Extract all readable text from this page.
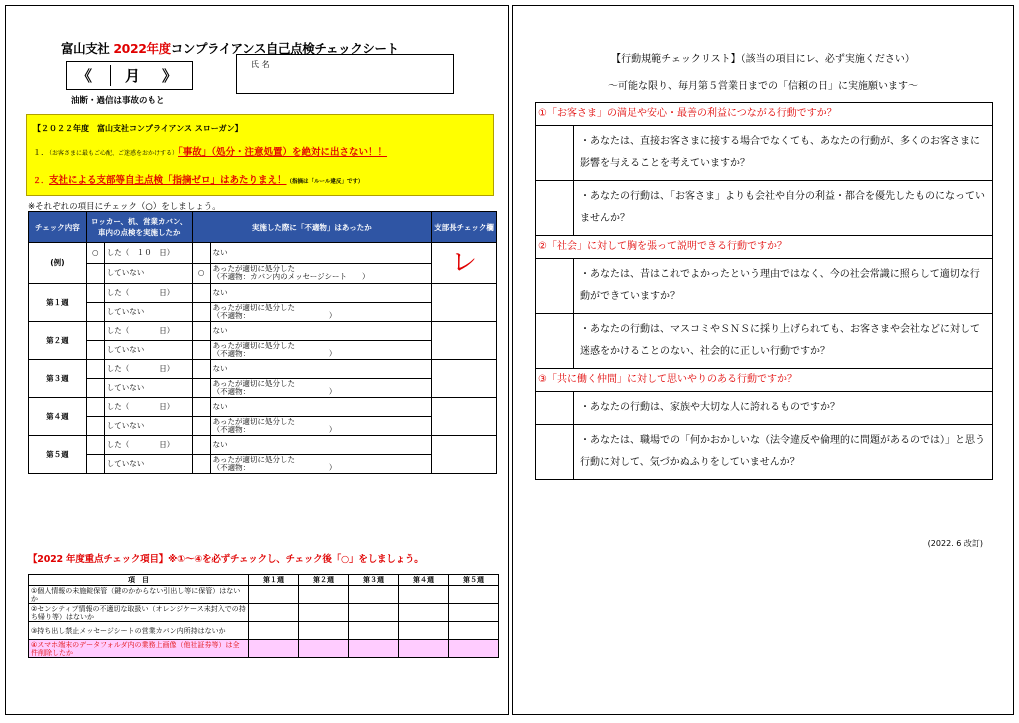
富山支社 2022年度コンプライアンス自己点検チェックシート
《 月 》
氏 名
油断・過信は事故のもと
【２０２２年度　富山支社コンプライアンス スローガン】
１．（お客さまに最もご心配、ご迷惑をおかけする）「事故」（処分・注意処置）を絶対に出さない！！
２．支社による支部等自主点検「指摘ゼロ」はあたりまえ！（指摘は「ルール違反」です）
※それぞれの項目にチェック（○）をしましょう。
チェック内容	ロッカー、机、営業カバン、車内の点検を実施したか		実施した際に「不適物」はあったか		支部長チェック欄
(例)	○	した（　１０　日）		ない	レ
		していない	○	あったが適切に処分した
（不適物：カバン内のメッセージシート　　）	
第１週		した（　　　　日）		ない	
		していない		あったが適切に処分した
（不適物：　　　　　　　　　　　）	
第２週		した（　　　　日）		ない	
		していない		あったが適切に処分した
（不適物：　　　　　　　　　　　）	
第３週		した（　　　　日）		ない	
		していない		あったが適切に処分した
（不適物：　　　　　　　　　　　）	
第４週		した（　　　　日）		ない	
		していない		あったが適切に処分した
（不適物：　　　　　　　　　　　）	
第５週		した（　　　　日）		ない	
		していない		あったが適切に処分した
（不適物：　　　　　　　　　　　）	
【2022 年度重点チェック項目】※①～④を必ずチェックし、チェック後「○」をしましょう。
項　目	第１週	第２週	第３週	第４週	第５週
①個人情報の未施錠保管（鍵のかからない引出し等に保管）はないか					
②センシティブ情報の不適切な取扱い（オレンジケース未封入での持ち帰り等）はないか					
③持ち出し禁止メッセージシートの営業カバン内所持はないか					
④スマホ端末のデータフォルダ内の業務上画像（他社証券等）は全件削除したか					
【行動規範チェックリスト】（該当の項目にレ、必ず実施ください）
～可能な限り、毎月第５営業日までの「信頼の日」に実施願います～
①「お客さま」の満足や安心・最善の利益につながる行動ですか？	
	・あなたは、直接お客さまに接する場合でなくても、あなたの行動が、多くのお客さまに影響を与えることを考えていますか？
	・あなたの行動は、「お客さま」よりも会社や自分の利益・都合を優先したものになっていませんか？
②「社会」に対して胸を張って説明できる行動ですか？	
	・あなたは、昔はこれでよかったという理由ではなく、今の社会常識に照らして適切な行動ができていますか？
	・あなたの行動は、マスコミやＳＮＳに採り上げられても、お客さまや会社などに対して迷惑をかけることのない、社会的に正しい行動ですか？
③「共に働く仲間」に対して思いやりのある行動ですか？	
	・あなたの行動は、家族や大切な人に誇れるものですか？
	・あなたは、職場での「何かおかしいな（法令違反や倫理的に問題があるのでは）」と思う行動に対して、気づかぬふりをしていませんか？
(2022. 6 改訂)
